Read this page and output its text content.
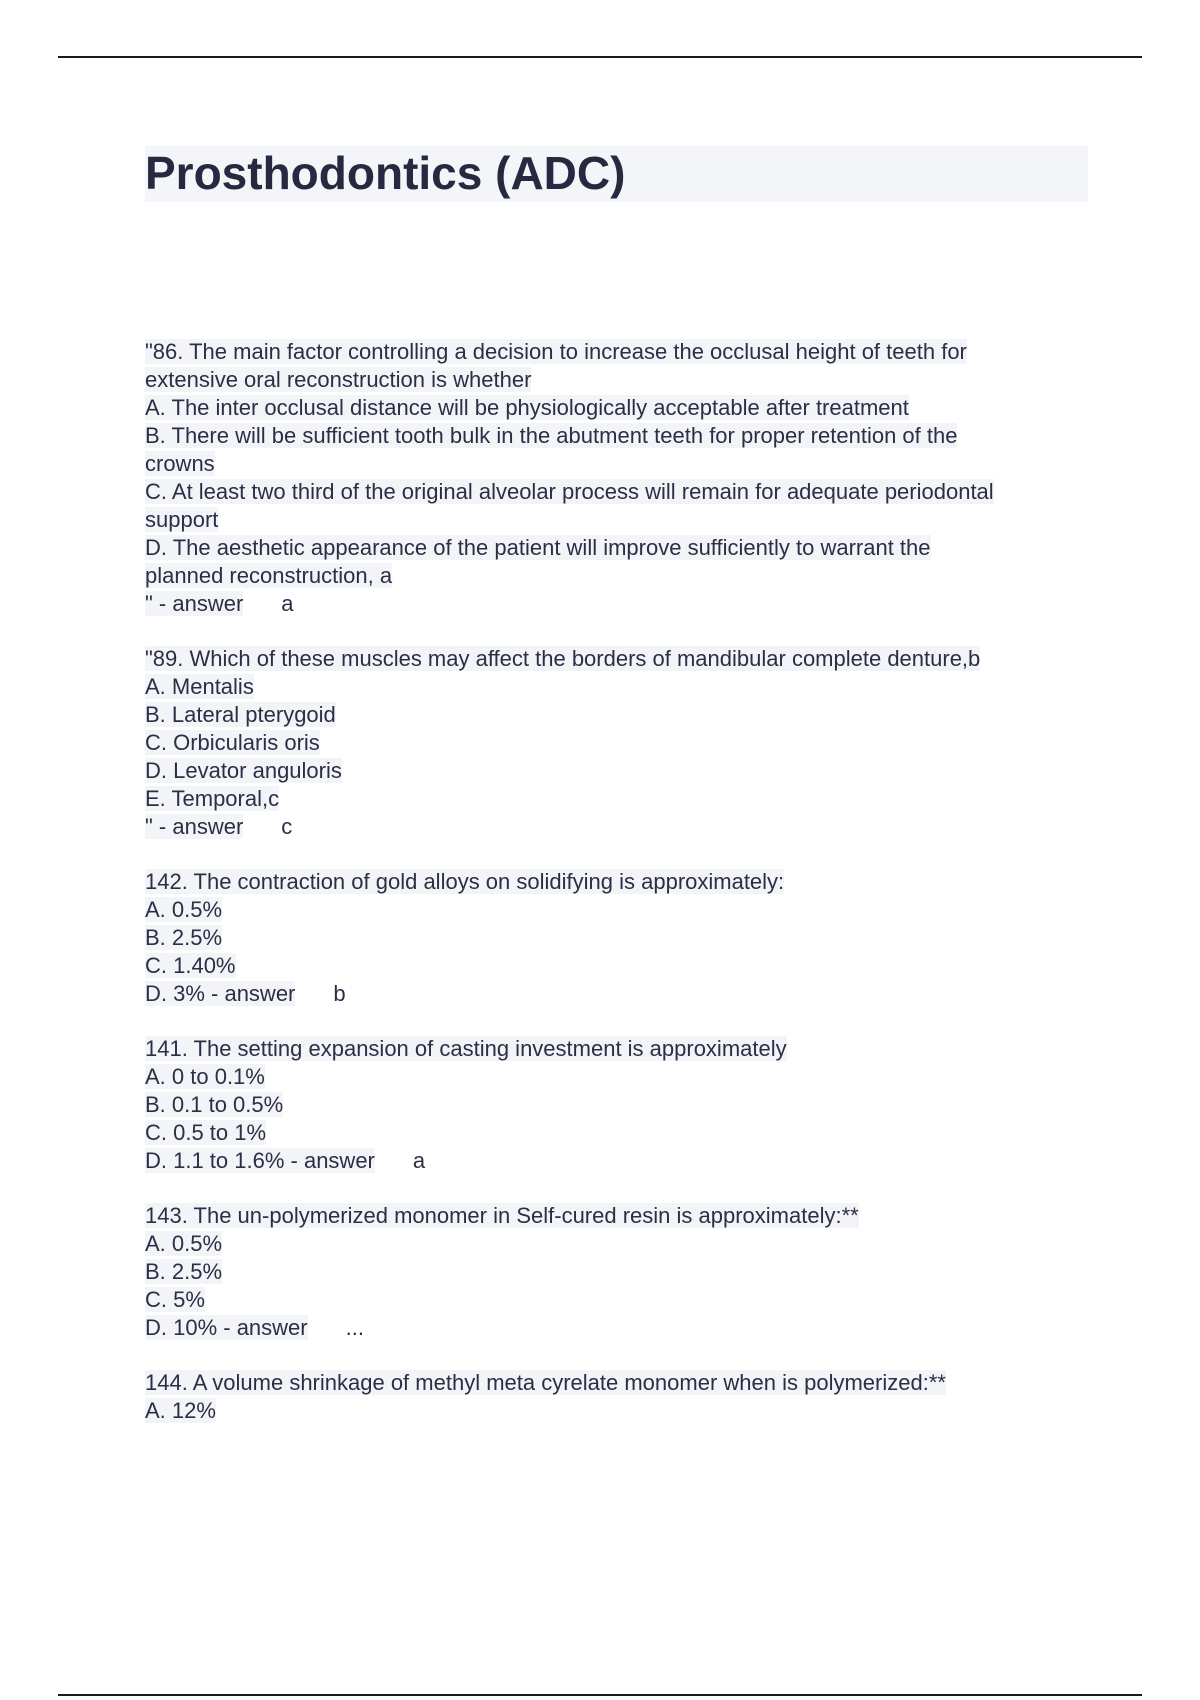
Prosthodontics (ADC)
"86. The main factor controlling a decision to increase the occlusal height of teeth for
extensive oral reconstruction is whether
A. The inter occlusal distance will be physiologically acceptable after treatment
B. There will be sufficient tooth bulk in the abutment teeth for proper retention of the
crowns
C. At least two third of the original alveolar process will remain for adequate periodontal
support
D. The aesthetic appearance of the patient will improve sufficiently to warrant the
planned reconstruction, a
" - answer a
"89. Which of these muscles may affect the borders of mandibular complete denture,b
A. Mentalis
B. Lateral pterygoid
C. Orbicularis oris
D. Levator anguloris
E. Temporal,c
" - answer c
142. The contraction of gold alloys on solidifying is approximately:
A. 0.5%
B. 2.5%
C. 1.40%
D. 3% - answer b
141. The setting expansion of casting investment is approximately
A. 0 to 0.1%
B. 0.1 to 0.5%
C. 0.5 to 1%
D. 1.1 to 1.6% - answer a
143. The un-polymerized monomer in Self-cured resin is approximately:**
A. 0.5%
B. 2.5%
C. 5%
D. 10% - answer ...
144. A volume shrinkage of methyl meta cyrelate monomer when is polymerized:**
A. 12%
